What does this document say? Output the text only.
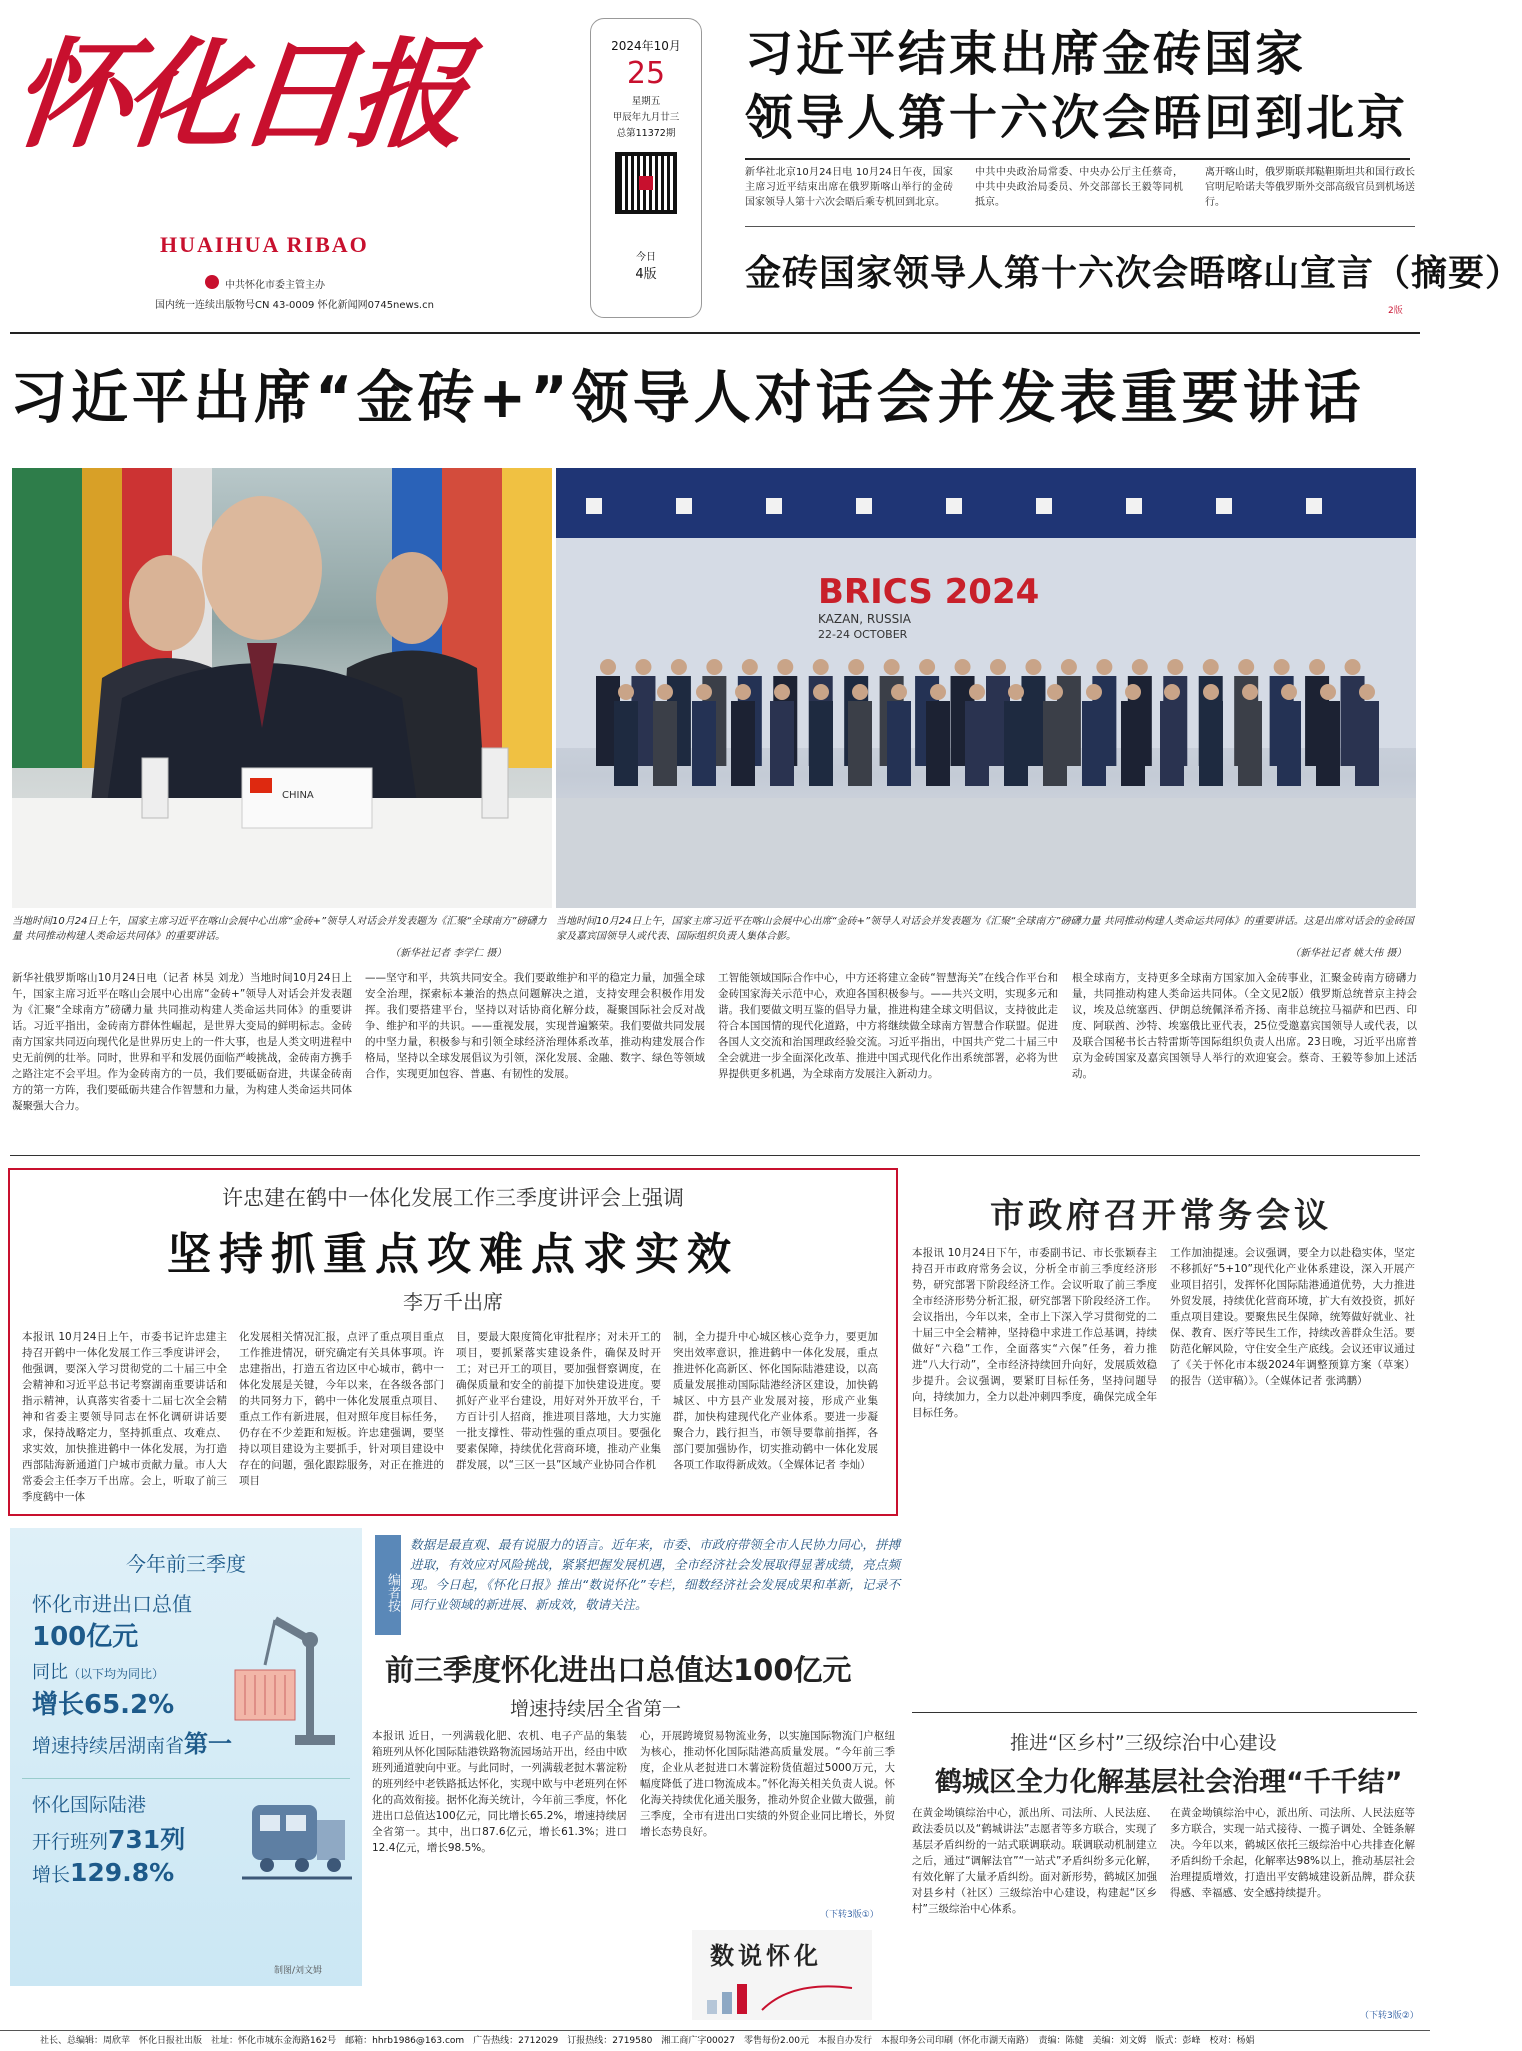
怀化日报
HUAIHUA RIBAO
中共怀化市委主管主办
国内统一连续出版物号CN 43-0009 怀化新闻网0745news.cn
2024年10月
25
星期五
甲辰年九月廿三
总第11372期
今日
4版
习近平结束出席金砖国家
领导人第十六次会晤回到北京
新华社北京10月24日电 10月24日午夜，国家主席习近平结束出席在俄罗斯喀山举行的金砖国家领导人第十六次会晤后乘专机回到北京。
中共中央政治局常委、中央办公厅主任蔡奇，中共中央政治局委员、外交部部长王毅等同机抵京。
离开喀山时，俄罗斯联邦鞑靼斯坦共和国行政长官明尼哈诺夫等俄罗斯外交部高级官员到机场送行。
金砖国家领导人第十六次会晤喀山宣言（摘要）
2版
习近平出席“金砖+”领导人对话会并发表重要讲话
CHINA
BRICS 2024
KAZAN, RUSSIA
22-24 OCTOBER
当地时间10月24日上午，国家主席习近平在喀山会展中心出席“金砖+”领导人对话会并发表题为《汇聚“全球南方”磅礴力量 共同推动构建人类命运共同体》的重要讲话。
（新华社记者 李学仁 摄）
当地时间10月24日上午，国家主席习近平在喀山会展中心出席“金砖+”领导人对话会并发表题为《汇聚“全球南方”磅礴力量 共同推动构建人类命运共同体》的重要讲话。这是出席对话会的金砖国家及嘉宾国领导人或代表、国际组织负责人集体合影。
（新华社记者 姚大伟 摄）
新华社俄罗斯喀山10月24日电（记者 林昊 刘龙）当地时间10月24日上午，国家主席习近平在喀山会展中心出席“金砖+”领导人对话会并发表题为《汇聚“全球南方”磅礴力量 共同推动构建人类命运共同体》的重要讲话。习近平指出，金砖南方群体性崛起，是世界大变局的鲜明标志。金砖南方国家共同迈向现代化是世界历史上的一件大事，也是人类文明进程中史无前例的壮举。同时，世界和平和发展仍面临严峻挑战，金砖南方携手之路注定不会平坦。作为金砖南方的一员，我们要砥砺奋进，共谋金砖南方的第一方阵，我们要砥砺共建合作智慧和力量，为构建人类命运共同体凝聚强大合力。
——坚守和平，共筑共同安全。我们要敢维护和平的稳定力量，加强全球安全治理，探索标本兼治的热点问题解决之道，支持安理会积极作用发挥。我们要搭建平台，坚持以对话协商化解分歧，凝聚国际社会反对战争、维护和平的共识。——重视发展，实现普遍繁荣。我们要做共同发展的中坚力量，积极参与和引领全球经济治理体系改革，推动构建发展合作格局，坚持以全球发展倡议为引领，深化发展、金融、数字、绿色等领域合作，实现更加包容、普惠、有韧性的发展。
工智能领域国际合作中心，中方还将建立金砖“智慧海关”在线合作平台和金砖国家海关示范中心，欢迎各国积极参与。——共兴文明，实现多元和谐。我们要做文明互鉴的倡导力量，推进构建全球文明倡议，支持彼此走符合本国国情的现代化道路，中方将继续做全球南方智慧合作联盟。促进各国人文交流和治国理政经验交流。习近平指出，中国共产党二十届三中全会就进一步全面深化改革、推进中国式现代化作出系统部署，必将为世界提供更多机遇，为全球南方发展注入新动力。
根全球南方，支持更多全球南方国家加入金砖事业，汇聚金砖南方磅礴力量，共同推动构建人类命运共同体。（全文见2版）俄罗斯总统普京主持会议，埃及总统塞西、伊朗总统佩泽希齐扬、南非总统拉马福萨和巴西、印度、阿联酋、沙特、埃塞俄比亚代表，25位受邀嘉宾国领导人或代表，以及联合国秘书长古特雷斯等国际组织负责人出席。23日晚，习近平出席普京为金砖国家及嘉宾国领导人举行的欢迎宴会。蔡奇、王毅等参加上述活动。
许忠建在鹤中一体化发展工作三季度讲评会上强调
坚持抓重点攻难点求实效
李万千出席
本报讯 10月24日上午，市委书记许忠建主持召开鹤中一体化发展工作三季度讲评会，他强调，要深入学习贯彻党的二十届三中全会精神和习近平总书记考察湖南重要讲话和指示精神，认真落实省委十二届七次全会精神和省委主要领导同志在怀化调研讲话要求，保持战略定力，坚持抓重点、攻难点、求实效，加快推进鹤中一体化发展，为打造西部陆海新通道门户城市贡献力量。市人大常委会主任李万千出席。会上，听取了前三季度鹤中一体
化发展相关情况汇报，点评了重点项目重点工作推进情况，研究确定有关具体事项。许忠建指出，打造五省边区中心城市，鹤中一体化发展是关键，今年以来，在各级各部门的共同努力下，鹤中一体化发展重点项目、重点工作有新进展，但对照年度目标任务，仍存在不少差距和短板。许忠建强调，要坚持以项目建设为主要抓手，针对项目建设中存在的问题，强化跟踪服务，对正在推进的项目
目，要最大限度简化审批程序；对未开工的项目，要抓紧落实建设条件，确保及时开工；对已开工的项目，要加强督察调度，在确保质量和安全的前提下加快建设进度。要抓好产业平台建设，用好对外开放平台，千方百计引人招商，推进项目落地，大力实施一批支撑性、带动性强的重点项目。要强化要素保障，持续优化营商环境，推动产业集群发展，以“三区一县”区域产业协同合作机
制，全力提升中心城区核心竞争力，要更加突出效率意识，推进鹤中一体化发展，重点推进怀化高新区、怀化国际陆港建设，以高质量发展推动国际陆港经济区建设，加快鹤城区、中方县产业发展对接，形成产业集群，加快构建现代化产业体系。要进一步凝聚合力，践行担当，市领导要靠前指挥，各部门要加强协作，切实推动鹤中一体化发展各项工作取得新成效。（全媒体记者 李灿）
市政府召开常务会议
本报讯 10月24日下午，市委副书记、市长张颖春主持召开市政府常务会议，分析全市前三季度经济形势，研究部署下阶段经济工作。会议听取了前三季度全市经济形势分析汇报，研究部署下阶段经济工作。会议指出，今年以来，全市上下深入学习贯彻党的二十届三中全会精神，坚持稳中求进工作总基调，持续做好“六稳”工作，全面落实“六保”任务，着力推进“八大行动”，全市经济持续回升向好，发展质效稳步提升。会议强调，要紧盯目标任务，坚持问题导向，持续加力，全力以赴冲刺四季度，确保完成全年目标任务。
工作加油提速。会议强调，要全力以赴稳实体，坚定不移抓好“5+10”现代化产业体系建设，深入开展产业项目招引，发挥怀化国际陆港通道优势，大力推进外贸发展，持续优化营商环境，扩大有效投资，抓好重点项目建设。要聚焦民生保障，统筹做好就业、社保、教育、医疗等民生工作，持续改善群众生活。要防范化解风险，守住安全生产底线。会议还审议通过了《关于怀化市本级2024年调整预算方案（草案）的报告（送审稿）》。（全媒体记者 张鸿鹏）
今年前三季度
怀化市进出口总值
100亿元
同比（以下均为同比）
增长65.2%
增速持续居湖南省第一
怀化国际陆港
开行班列731列
增长129.8%
制图/刘文姆
编者按
数据是最直观、最有说服力的语言。近年来，市委、市政府带领全市人民协力同心，拼搏进取，有效应对风险挑战，紧紧把握发展机遇，全市经济社会发展取得显著成绩，亮点频现。今日起，《怀化日报》推出“数说怀化”专栏，细数经济社会发展成果和革新，记录不同行业领域的新进展、新成效，敬请关注。
前三季度怀化进出口总值达100亿元
增速持续居全省第一
本报讯 近日，一列满载化肥、农机、电子产品的集装箱班列从怀化国际陆港铁路物流园场站开出，经由中欧班列通道驶向中亚。与此同时，一列满载老挝木薯淀粉的班列经中老铁路抵达怀化，实现中欧与中老班列在怀化的高效衔接。据怀化海关统计，今年前三季度，怀化进出口总值达100亿元，同比增长65.2%，增速持续居全省第一。其中，出口87.6亿元，增长61.3%；进口12.4亿元，增长98.5%。
心，开展跨境贸易物流业务，以实施国际物流门户枢纽为核心，推动怀化国际陆港高质量发展。“今年前三季度，企业从老挝进口木薯淀粉货值超过5000万元，大幅度降低了进口物流成本。”怀化海关相关负责人说。怀化海关持续优化通关服务，推动外贸企业做大做强，前三季度，全市有进出口实绩的外贸企业同比增长，外贸增长态势良好。
（下转3版①）
数说怀化
推进“区乡村”三级综治中心建设
鹤城区全力化解基层社会治理“千千结”
在黄金坳镇综治中心，派出所、司法所、人民法庭、政法委员以及“鹤城讲法”志愿者等多方联合，实现了基层矛盾纠纷的一站式联调联动。联调联动机制建立之后，通过“调解法官”“一站式”矛盾纠纷多元化解，有效化解了大量矛盾纠纷。面对新形势，鹤城区加强对县乡村（社区）三级综治中心建设，构建起“区乡村”三级综治中心体系。
在黄金坳镇综治中心，派出所、司法所、人民法庭等多方联合，实现一站式接待、一揽子调处、全链条解决。今年以来，鹤城区依托三级综治中心共排查化解矛盾纠纷千余起，化解率达98%以上，推动基层社会治理提质增效，打造出平安鹤城建设新品牌，群众获得感、幸福感、安全感持续提升。
（下转3版②）
社长、总编辑：周欣苹　怀化日报社出版　社址：怀化市城东金海路162号　邮箱：hhrb1986@163.com　广告热线：2712029　订报热线：2719580　湘工商广字00027　零售每份2.00元　本报自办发行　本报印务公司印刷（怀化市湖天南路）　责编：陈健　美编：刘文姆　版式：彭峰　校对：杨娟
